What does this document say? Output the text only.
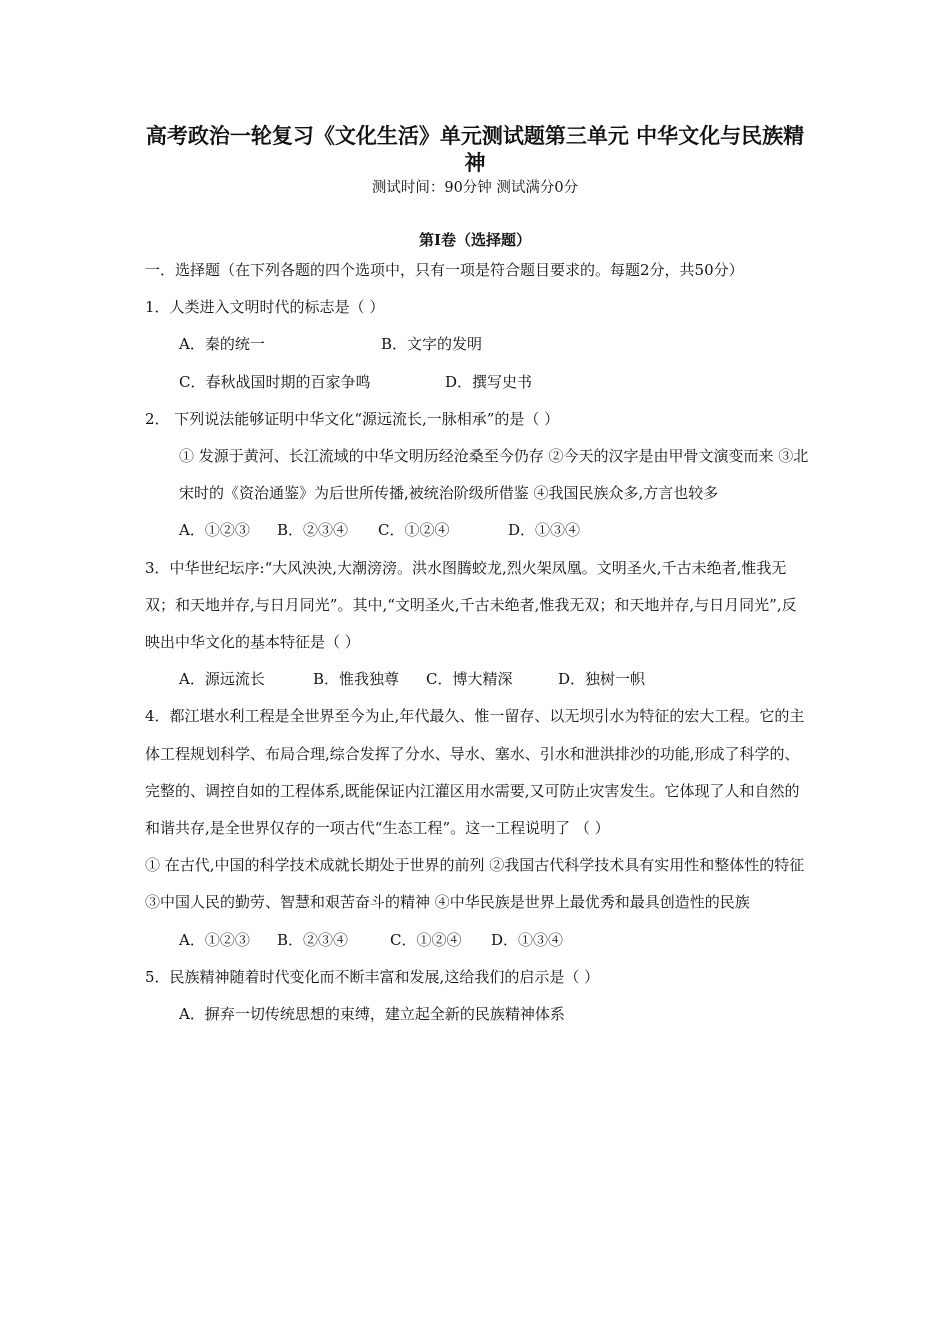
高考政治一轮复习《文化生活》单元测试题第三单元 中华文化与民族精神
测试时间：90分钟 测试满分0分
第Ⅰ卷（选择题）

一．选择题（在下列各题的四个选项中，只有一项是符合题目要求的。每题2分，共50分）

1．人类进入文明时代的标志是（ ）

A．秦的统一	B．文字的发明

C．春秋战国时期的百家争鸣	D．撰写史书

2． 下列说法能够证明中华文化“源远流长,一脉相承”的是（ ）

① 发源于黄河、长江流域的中华文明历经沧桑至今仍存 ②今天的汉字是由甲骨文演变而来 ③北宋时的《资治通鉴》为后世所传播,被统治阶级所借鉴 ④我国民族众多,方言也较多

A．①②③ B．②③④ C．①②④	D．①③④

3．中华世纪坛序:“大风泱泱,大潮滂滂。洪水图腾蛟龙,烈火架凤凰。文明圣火,千古未绝者,惟我无双；和天地并存,与日月同光”。其中,“文明圣火,千古未绝者,惟我无双；和天地并存,与日月同光”,反映出中华文化的基本特征是（ ）

A．源远流长	B．惟我独尊 C．博大精深	D．独树一帜

4．都江堪水利工程是全世界至今为止,年代最久、惟一留存、以无坝引水为特征的宏大工程。它的主体工程规划科学、布局合理,综合发挥了分水、导水、塞水、引水和泄洪排沙的功能,形成了科学的、完整的、调控自如的工程体系,既能保证内江灌区用水需要,又可防止灾害发生。它体现了人和自然的和谐共存,是全世界仅存的一项古代“生态工程”。这一工程说明了 （ ）

① 在古代,中国的科学技术成就长期处于世界的前列 ②我国古代科学技术具有实用性和整体性的特征 ③中国人民的勤劳、智慧和艰苦奋斗的精神 ④中华民族是世界上最优秀和最具创造性的民族

A．①②③ B．②③④	C．①②④ D．①③④

5．民族精神随着时代变化而不断丰富和发展,这给我们的启示是（ ）

A．摒弃一切传统思想的束缚，建立起全新的民族精神体系
